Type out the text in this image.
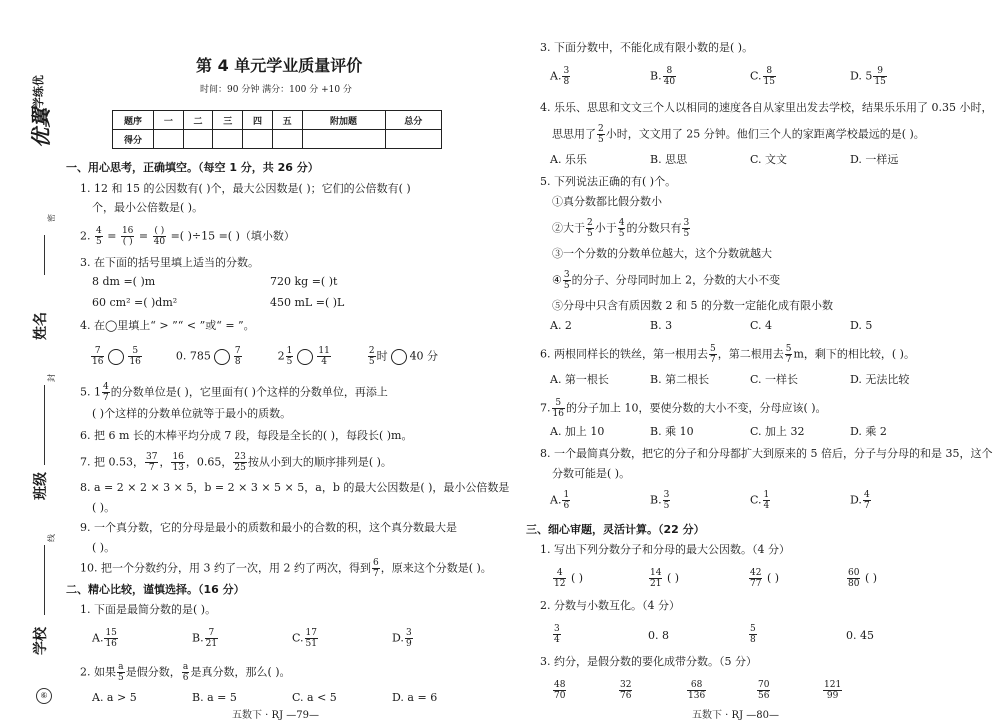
优翼
·学练优
密
姓名
封
班级
线
学校
⑥
第 4 单元学业质量评价
时间：90 分钟 满分：100 分 +10 分
题序	一	二	三	四	五	附加题	总分
得分							
一、用心思考，正确填空。（每空 1 分，共 26 分）
1. 12 和 15 的公因数有( )个，最大公因数是( )；它们的公倍数有( )
个，最小公倍数是( )。
2. $\frac{4}{5} = \frac{16}{( )} = \frac{( )}{40}$ =( )÷15 =( )（填小数）
3. 在下面的括号里填上适当的分数。
8 dm =( )m	720 kg =( )t
60 cm² =( )dm²	450 mL =( )L
4. 在◯里填上“ > ”“ < ”或“ = ”。
$\frac{7}{16}$	$\frac{5}{16}$	0. 785	$\frac{7}{8}$	$2 \frac{1}{5}$	$\frac{11}{4}$
	$\frac{2}{5}$ 时 40 分
5. $1 \frac{4}{7}$ 的分数单位是( )，它里面有( )个这样的分数单位，再添上
( )个这样的分数单位就等于最小的质数。
6. 把 6 m 长的木棒平均分成 7 段，每段是全长的( )，每段长( )m。
7. 把 0.53， $\frac{37}{7}$ ， $\frac{16}{13}$ ，0.65， $\frac{23}{25}$ 按从小到大的顺序排列是( )。
8. a = 2 × 2 × 3 × 5，b = 2 × 3 × 5 × 5，a，b 的最大公因数是( )，最小公倍数是
( )。
9. 一个真分数，它的分母是最小的质数和最小的合数的积，这个真分数最大是
( )。
10. 把一个分数约分，用 3 约了一次，用 2 约了两次，得到 $\frac{6}{7}$ ，原来这个分数是( )。
二、精心比较，谨慎选择。（16 分）
1. 下面是最简分数的是( )。
A. $\frac{15}{16}$	B. $\frac{7}{21}$	C. $\frac{17}{51}$	D. $\frac{3}{9}$
2. 如果 $\frac{a}{5}$ 是假分数， $\frac{a}{6}$ 是真分数，那么( )。
A. a > 5	B. a = 5	C. a < 5	D. a = 6
五数下 · RJ —79—
3. 下面分数中，不能化成有限小数的是( )。
A. $\frac{3}{8}$	B. $\frac{8}{40}$	C. $\frac{8}{15}$	D. $5 \frac{9}{15}$
4. 乐乐、思思和文文三个人以相同的速度各自从家里出发去学校，结果乐乐用了 0.35 小时，
思思用了 $\frac{2}{5}$ 小时，文文用了 25 分钟。他们三个人的家距离学校最远的是( )。
A. 乐乐	B. 思思	C. 文文	D. 一样远
5. 下列说法正确的有( )个。
①真分数都比假分数小
②大于 $\frac{2}{5}$ 小于 $\frac{4}{5}$ 的分数只有 $\frac{3}{5}$
③一个分数的分数单位越大，这个分数就越大
④ $\frac{3}{5}$ 的分子、分母同时加上 2，分数的大小不变
⑤分母中只含有质因数 2 和 5 的分数一定能化成有限小数
A. 2	B. 3	C. 4	D. 5
6. 两根同样长的铁丝，第一根用去 $\frac{5}{7}$ ，第二根用去 $\frac{5}{7}$ m，剩下的相比较，( )。
A. 第一根长	B. 第二根长	C. 一样长	D. 无法比较
7. $\frac{5}{16}$ 的分子加上 10，要使分数的大小不变，分母应该( )。
A. 加上 10	B. 乘 10	C. 加上 32	D. 乘 2
8. 一个最简真分数，把它的分子和分母都扩大到原来的 5 倍后，分子与分母的和是 35，这个
分数可能是( )。
A. $\frac{1}{6}$	B. $\frac{3}{5}$	C. $\frac{1}{4}$	D. $\frac{4}{7}$
三、细心审题，灵活计算。（22 分）
1. 写出下列分数分子和分母的最大公因数。（4 分）
$\frac{4}{12}$ ( )	$\frac{14}{21}$ ( )	$\frac{42}{77}$ ( )	$\frac{60}{80}$ ( )
2. 分数与小数互化。（4 分）
$\frac{3}{4}$	0. 8	$\frac{5}{8}$	0. 45
3. 约分，是假分数的要化成带分数。（5 分）
$\frac{48}{70}$	$\frac{32}{76}$	$\frac{68}{136}$	$\frac{70}{56}$	$\frac{121}{99}$
五数下 · RJ —80—
